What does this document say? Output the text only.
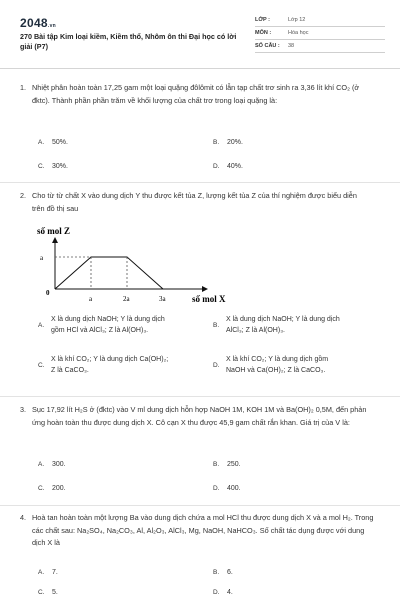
2048.vn
270 Bài tập Kim loại kiềm, Kiềm thổ, Nhôm ôn thi Đại học có lời giải (P7)
LỚP :	Lớp 12
MÔN :	Hóa học
SỐ CÂU :	38
1. Nhiệt phân hoàn toàn 17,25 gam một loại quặng đôlômit có lẫn tạp chất trơ sinh ra 3,36 lít khí CO₂ (ở đktc). Thành phần phần trăm về khối lượng của chất trơ trong loại quặng là:
A. 50%.	B. 20%.
C. 30%.	D. 40%.
2. Cho từ từ chất X vào dung dịch Y thu được kết tủa Z, lượng kết tủa Z của thí nghiệm được biểu diễn trên đồ thị sau
số mol Z
a
0
a	2a	3a	số mol X
A.
X là dung dịch NaOH; Y là dung dịch
gồm HCl và AlCl₃; Z là Al(OH)₃.
B.
X là dung dịch NaOH; Y là dung dịch
AlCl₃; Z là Al(OH)₃.
C.
X là khí CO₂; Y là dung dịch Ca(OH)₂;
Z là CaCO₃.
D.
X là khí CO₂; Y là dung dịch gồm
NaOH và Ca(OH)₂; Z là CaCO₃.
3. Sục 17,92 lít H₂S ở (đktc) vào V ml dung dịch hỗn hợp NaOH 1M, KOH 1M và Ba(OH)₂ 0,5M, đến phản ứng hoàn toàn thu được dung dịch X. Cô cạn X thu được 45,9 gam chất rắn khan. Giá trị của V là:
A. 300.	B. 250.
C. 200.	D. 400.
4. Hoà tan hoàn toàn một lượng Ba vào dung dịch chứa a mol HCl thu được dung dịch X và a mol H₂. Trong các chất sau: Na₂SO₄, Na₂CO₃, Al, Al₂O₃, AlCl₃, Mg, NaOH, NaHCO₃. Số chất tác dụng được với dung dịch X là
A. 7.	B. 6.
C. 5.	D. 4.
